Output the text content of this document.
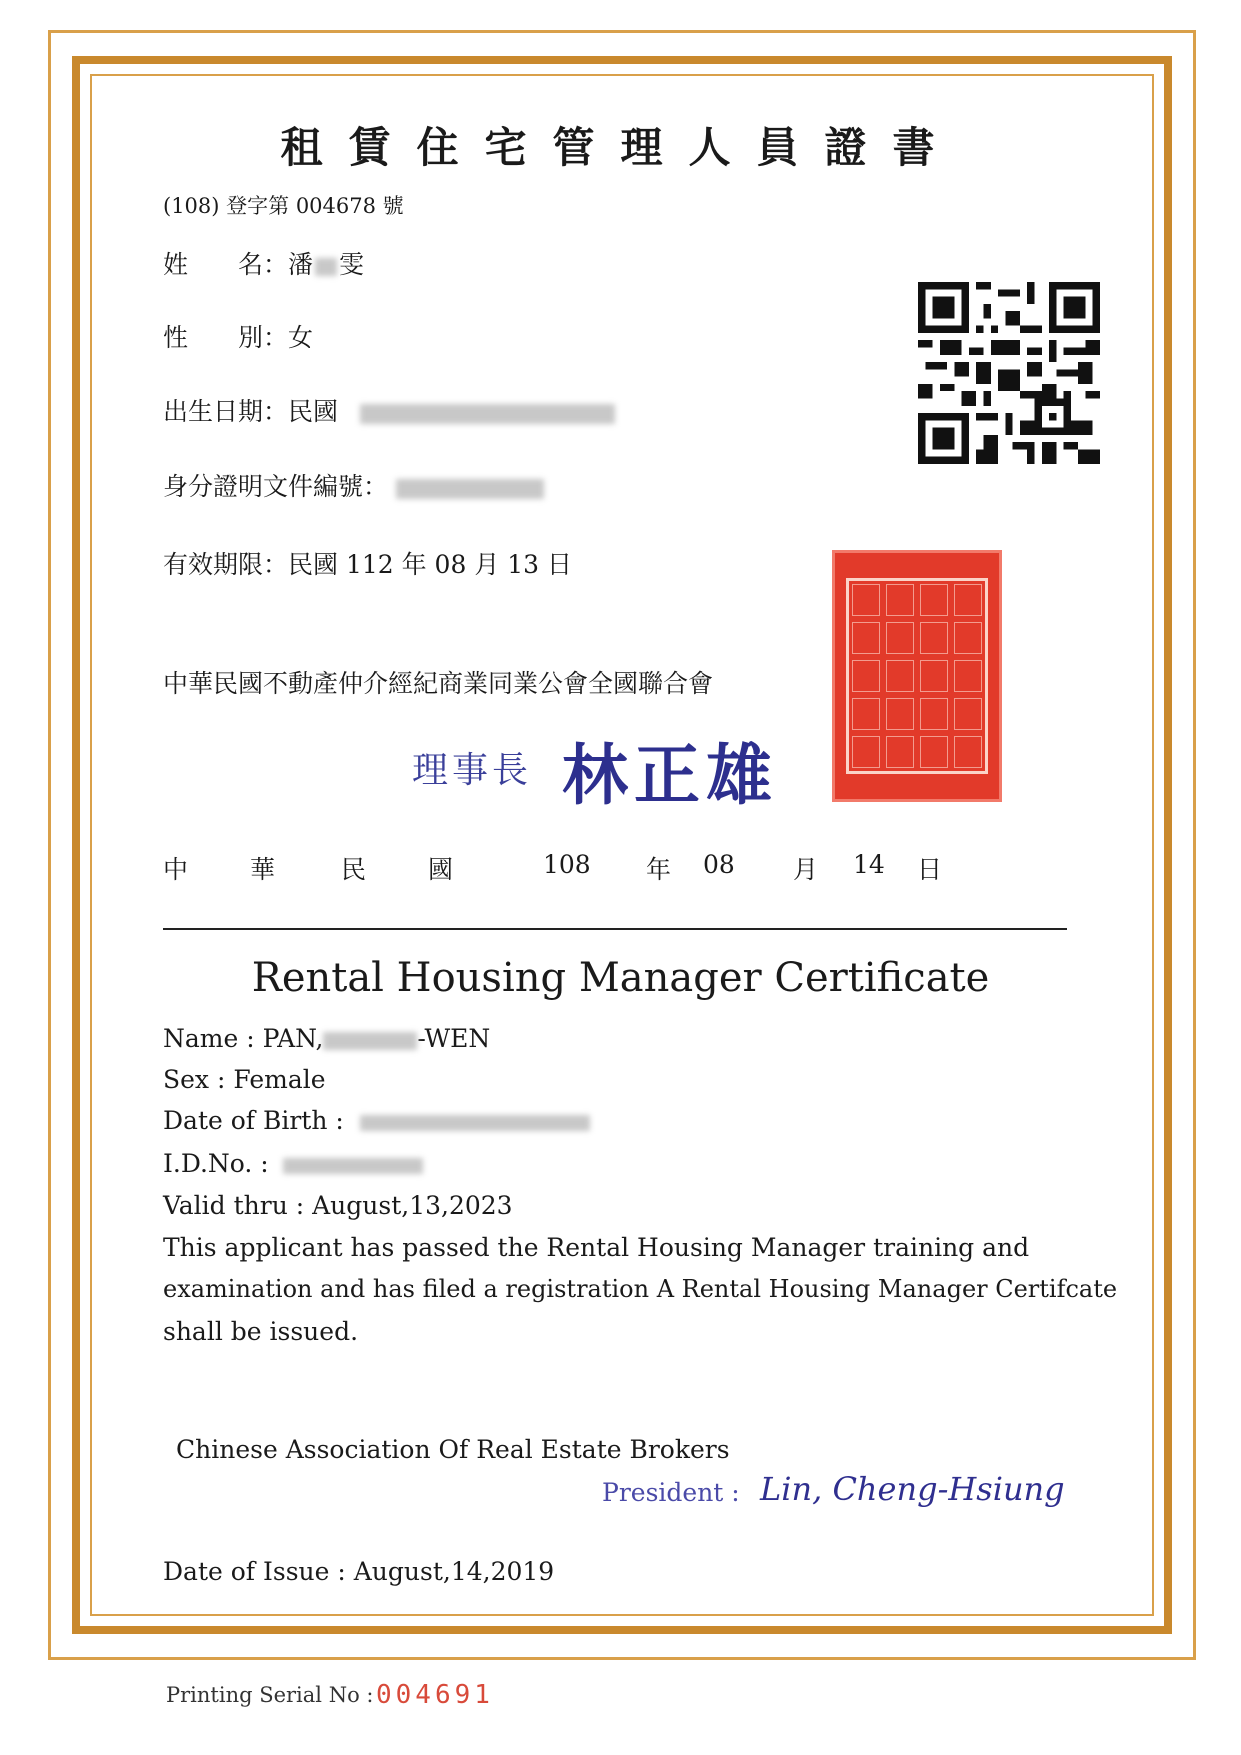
租賃住宅管理人員證書
(108) 登字第 004678 號
姓　　名：潘 雯
性　　別：女
出生日期：民國
身分證明文件編號：
有效期限：民國 112 年 08 月 13 日
中華民國不動產仲介經紀商業同業公會全國聯合會
理事長 林正雄
中 華	民 國	108 年 08 月 14 日
Rental Housing Manager Certificate
Name : PAN,	-WEN
Sex : Female
Date of Birth :
I.D.No. :
Valid thru : August,13,2023
This applicant has passed the Rental Housing Manager training and
examination and has filed a registration A Rental Housing Manager Certifcate
shall be issued.
Chinese Association Of Real Estate Brokers
President : Lin, Cheng-Hsiung
Date of Issue : August,14,2019
Printing Serial No : 004691
